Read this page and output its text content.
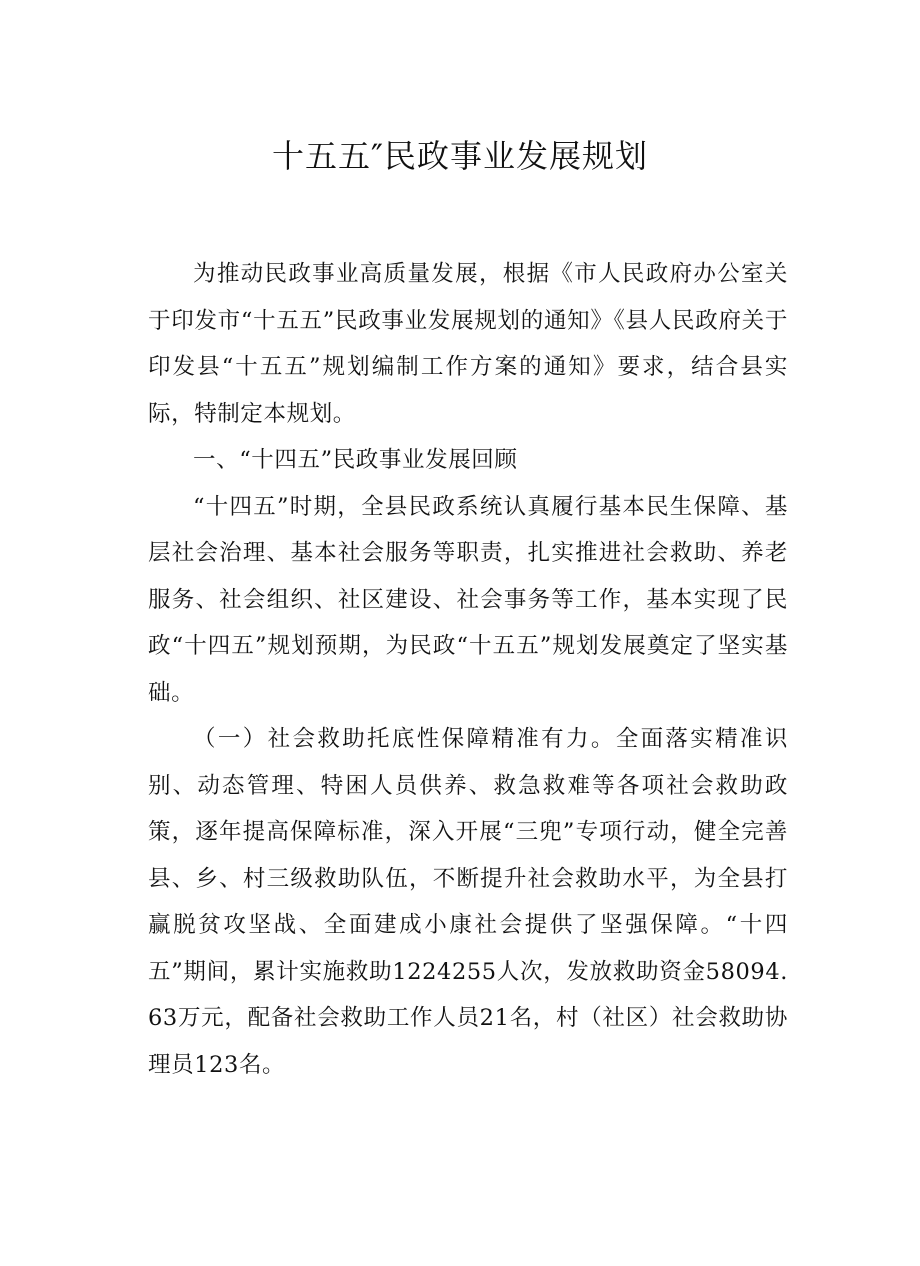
十五五″民政事业发展规划

为推动民政事业高质量发展，根据《市人民政府办公室关于印发市“十五五”民政事业发展规划的通知》《县人民政府关于印发县“十五五”规划编制工作方案的通知》要求，结合县实际，特制定本规划。

一、“十四五”民政事业发展回顾

“十四五”时期，全县民政系统认真履行基本民生保障、基层社会治理、基本社会服务等职责，扎实推进社会救助、养老服务、社会组织、社区建设、社会事务等工作，基本实现了民政“十四五”规划预期，为民政“十五五”规划发展奠定了坚实基础。

（一）社会救助托底性保障精准有力。全面落实精准识别、动态管理、特困人员供养、救急救难等各项社会救助政策，逐年提高保障标准，深入开展“三兜”专项行动，健全完善县、乡、村三级救助队伍，不断提升社会救助水平，为全县打赢脱贫攻坚战、全面建成小康社会提供了坚强保障。“十四五”期间，累计实施救助1224255人次，发放救助资金58094.63万元，配备社会救助工作人员21名，村（社区）社会救助协理员123名。
